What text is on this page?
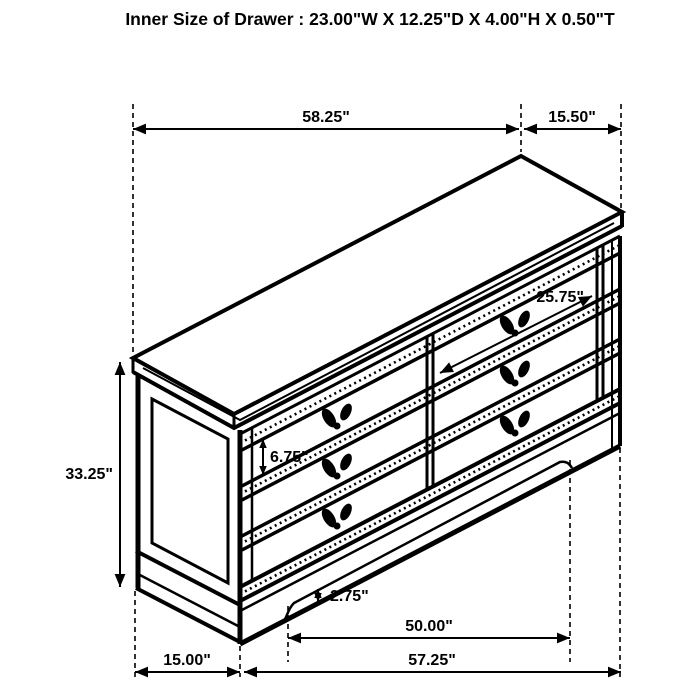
Inner Size of Drawer : 23.00"W X 12.25"D X 4.00"H X 0.50"T
58.25"	15.50"
25.75"
6.75"
33.25"
2.75"
50.00"
15.00"	57.25"
